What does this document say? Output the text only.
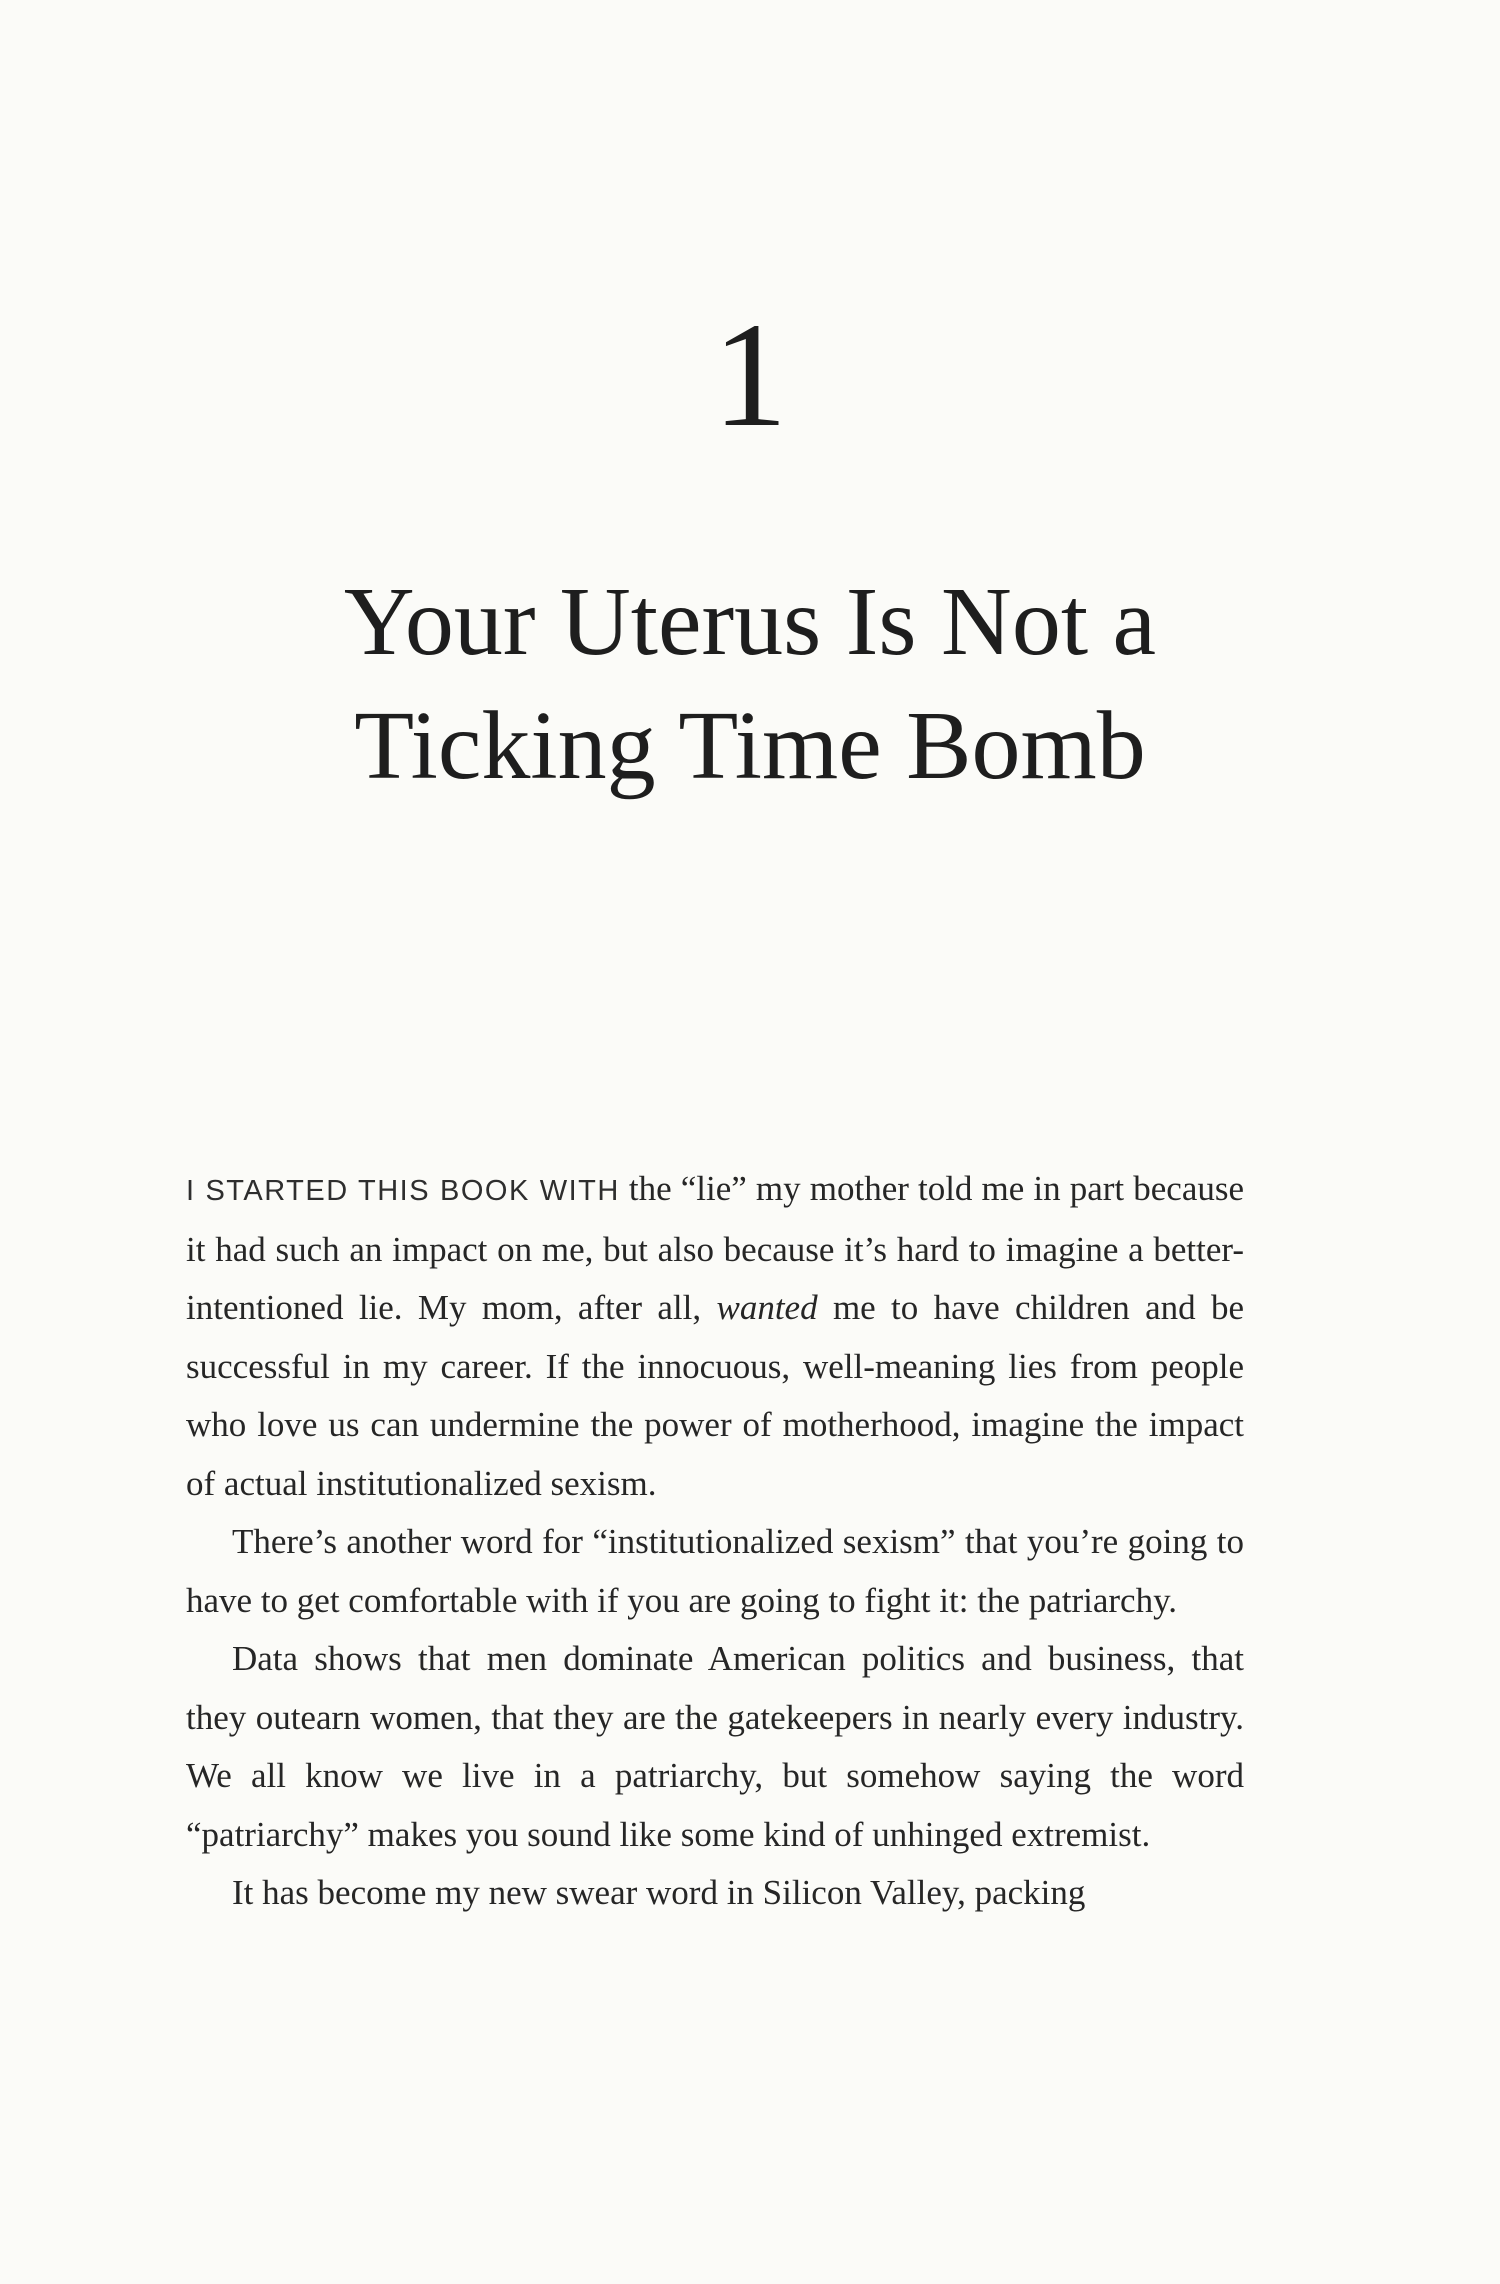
1
Your Uterus Is Not a
Ticking Time Bomb

I STARTED THIS BOOK WITH the “lie” my mother told me in part because it had such an impact on me, but also because it’s hard to imagine a better-intentioned lie. My mom, after all, wanted me to have children and be successful in my career. If the innocuous, well-meaning lies from people who love us can undermine the power of motherhood, imagine the impact of actual institutionalized sexism.

There’s another word for “institutionalized sexism” that you’re going to have to get comfortable with if you are going to fight it: the patriarchy.

Data shows that men dominate American politics and business, that they outearn women, that they are the gatekeepers in nearly every industry. We all know we live in a patriarchy, but somehow saying the word “patriarchy” makes you sound like some kind of unhinged extremist.

It has become my new swear word in Silicon Valley, packing
